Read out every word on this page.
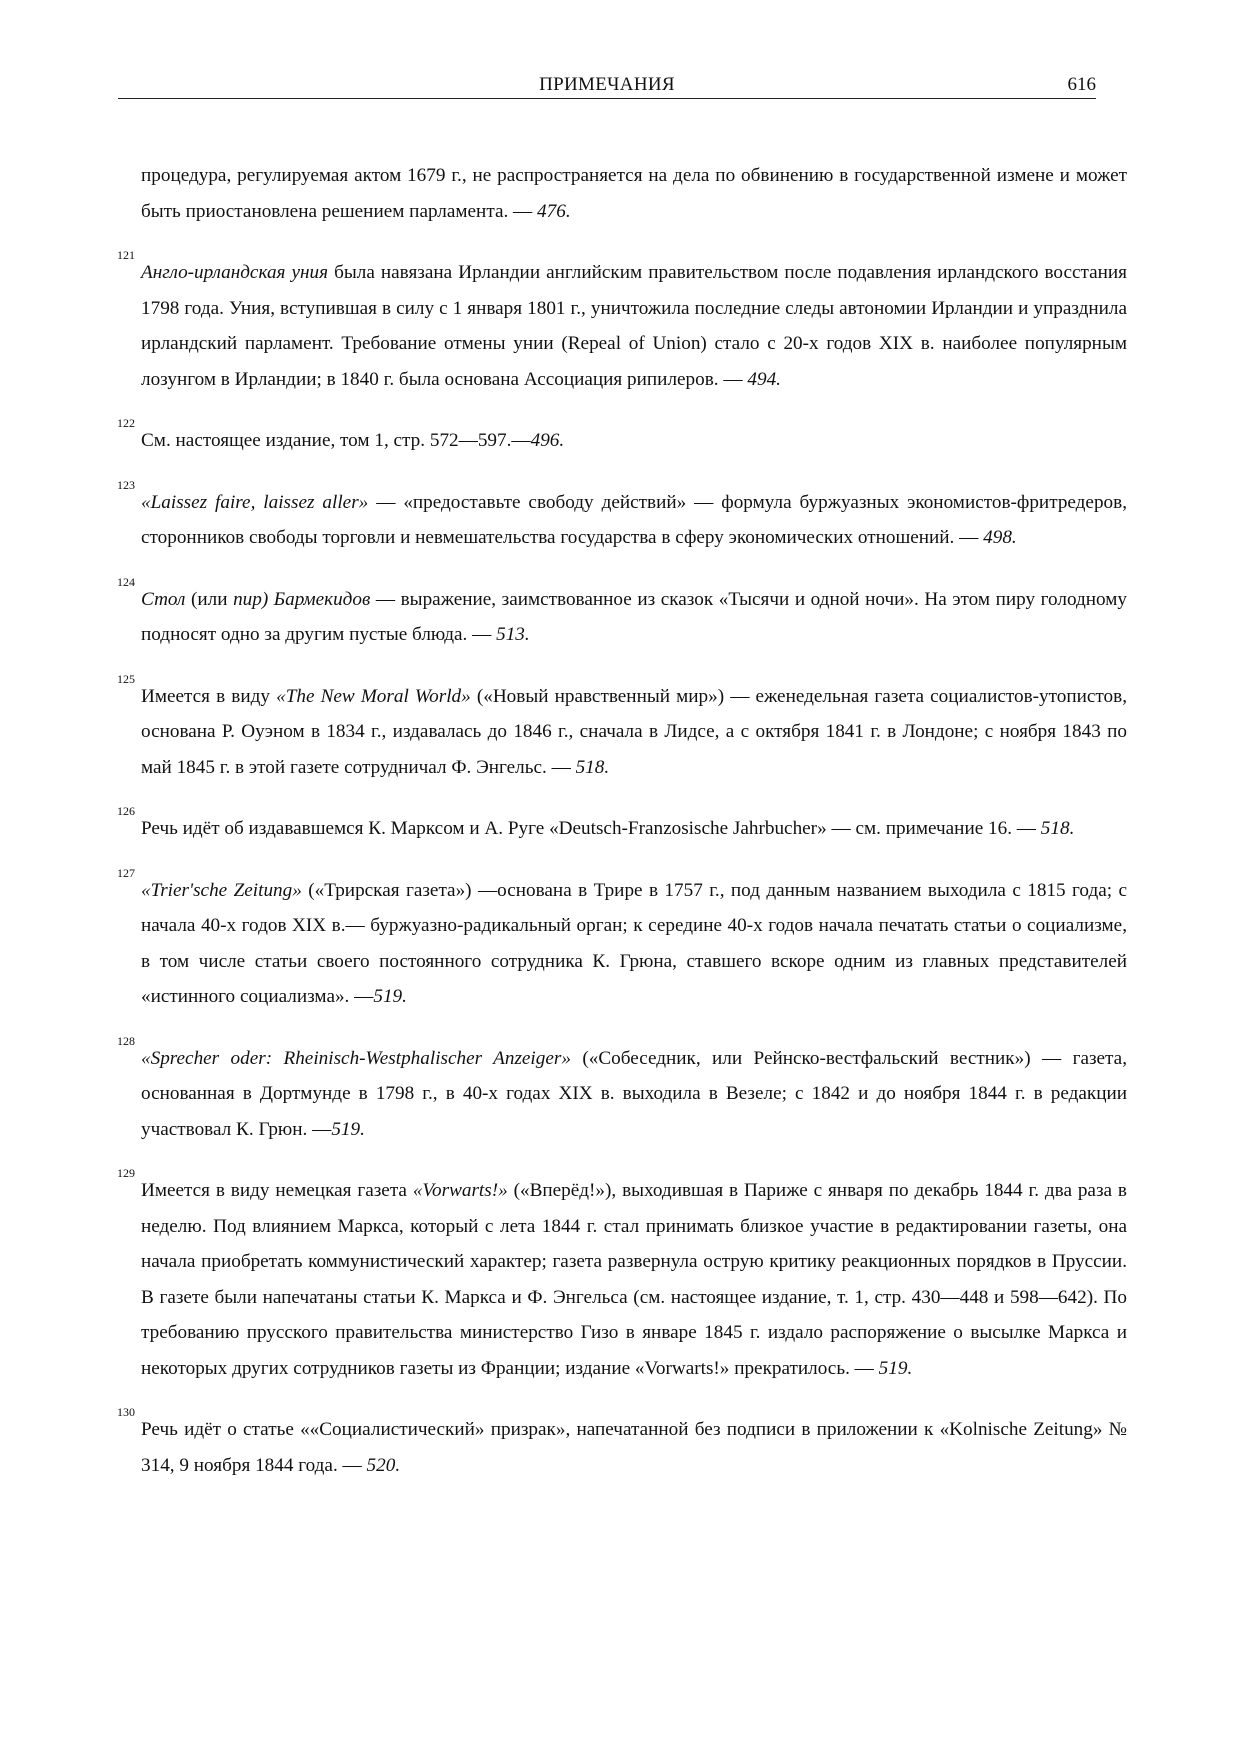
ПРИМЕЧАНИЯ	616
процедура, регулируемая актом 1679 г., не распространяется на дела по обвинению в государственной измене и может быть приостановлена решением парламента. — 476.
121
Англо-ирландская уния была навязана Ирландии английским правительством после подавления ирландского восстания 1798 года. Уния, вступившая в силу с 1 января 1801 г., уничтожила последние следы автономии Ирландии и упразднила ирландский парламент. Требование отмены унии (Repeal of Union) стало с 20-х годов XIX в. наиболее популярным лозунгом в Ирландии; в 1840 г. была основана Ассоциация рипилеров. — 494.
122
См. настоящее издание, том 1, стр. 572—597.—496.
123
«Laissez faire, laissez aller» — «предоставьте свободу действий» — формула буржуазных экономистов-фритредеров, сторонников свободы торговли и невмешательства государства в сферу экономических отношений. — 498.
124
Стол (или пир) Бармекидов — выражение, заимствованное из сказок «Тысячи и одной ночи». На этом пиру голодному подносят одно за другим пустые блюда. — 513.
125
Имеется в виду «The New Moral World» («Новый нравственный мир») — еженедельная газета социалистов-утопистов, основана Р. Оуэном в 1834 г., издавалась до 1846 г., сначала в Лидсе, а с октября 1841 г. в Лондоне; с ноября 1843 по май 1845 г. в этой газете сотрудничал Ф. Энгельс. — 518.
126
Речь идёт об издававшемся К. Марксом и А. Руге «Deutsch-Franzosische Jahrbucher» — см. примечание 16. — 518.
127
«Trier'sche Zeitung» («Трирская газета») —основана в Трире в 1757 г., под данным названием выходила с 1815 года; с начала 40-х годов XIX в.— буржуазно-радикальный орган; к середине 40-х годов начала печатать статьи о социализме, в том числе статьи своего постоянного сотрудника К. Грюна, ставшего вскоре одним из главных представителей «истинного социализма». —519.
128
«Sprecher oder: Rheinisch-Westphalischer Anzeiger» («Собеседник, или Рейнско-вестфальский вестник») — газета, основанная в Дортмунде в 1798 г., в 40-х годах XIX в. выходила в Везеле; с 1842 и до ноября 1844 г. в редакции участвовал К. Грюн. —519.
129
Имеется в виду немецкая газета «Vorwarts!» («Вперёд!»), выходившая в Париже с января по декабрь 1844 г. два раза в неделю. Под влиянием Маркса, который с лета 1844 г. стал принимать близкое участие в редактировании газеты, она начала приобретать коммунистический характер; газета развернула острую критику реакционных порядков в Пруссии. В газете были напечатаны статьи К. Маркса и Ф. Энгельса (см. настоящее издание, т. 1, стр. 430—448 и 598—642). По требованию прусского правительства министерство Гизо в январе 1845 г. издало распоряжение о высылке Маркса и некоторых других сотрудников газеты из Франции; издание «Vorwarts!» прекратилось. — 519.
130
Речь идёт о статье ««Социалистический» призрак», напечатанной без подписи в приложении к «Kolnische Zeitung» № 314, 9 ноября 1844 года. — 520.
